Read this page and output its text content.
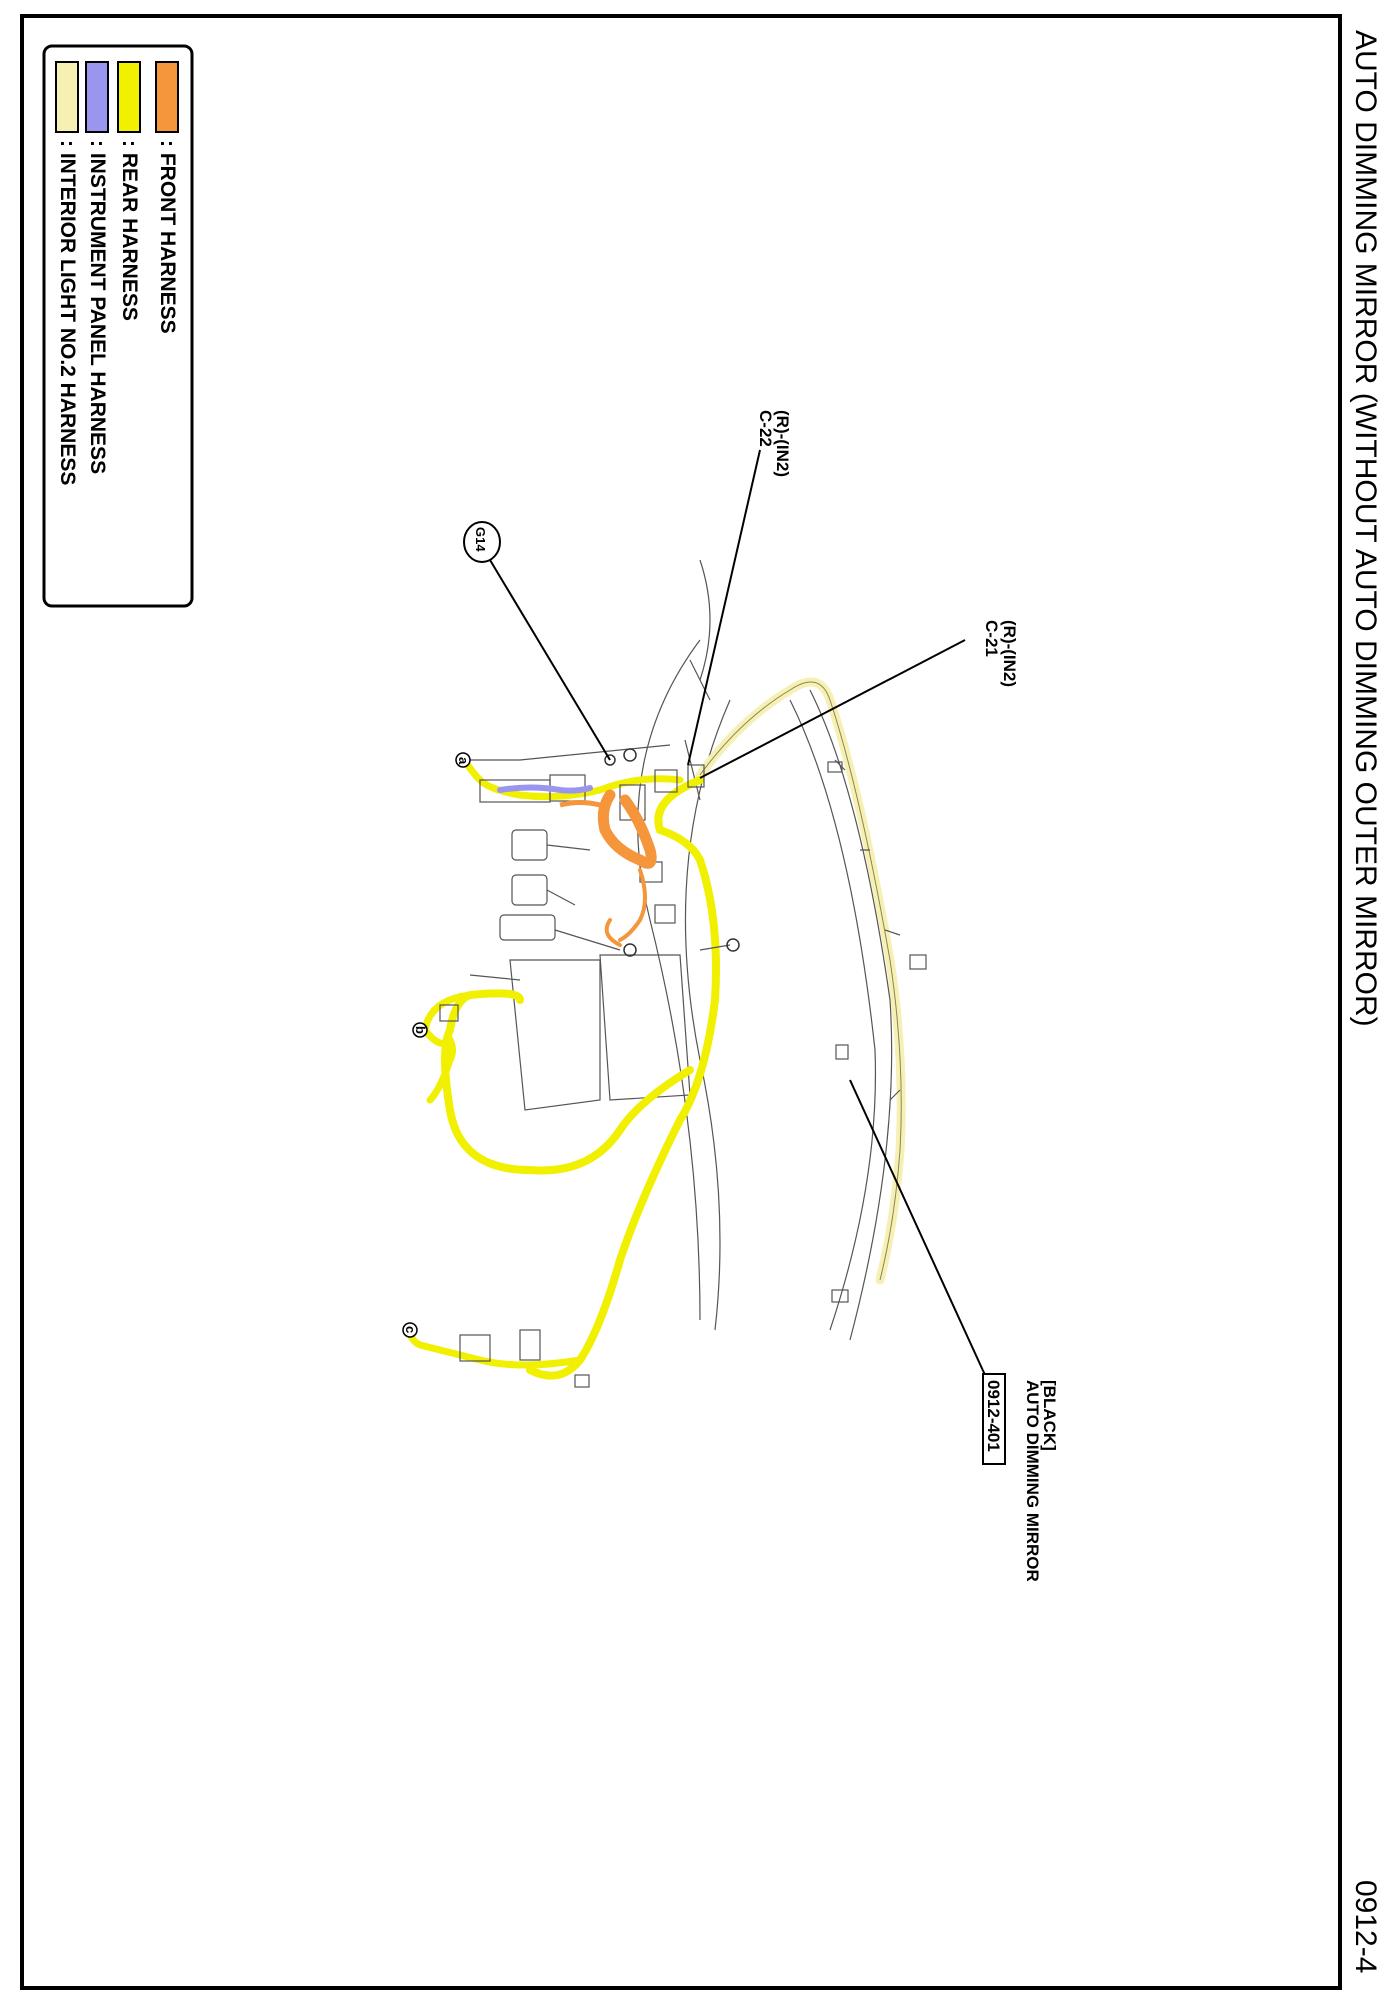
AUTO DIMMING MIRROR (WITHOUT AUTO DIMMING OUTER MIRROR)
0912-4
: FRONT HARNESS
: REAR HARNESS
: INSTRUMENT PANEL HARNESS
: INTERIOR LIGHT NO.2 HARNESS	(R)-(IN2)
C-22
(R)-(IN2)
C-21
G14
[BLACK]
AUTO DIMMING MIRROR
0912-401
a
b
c
